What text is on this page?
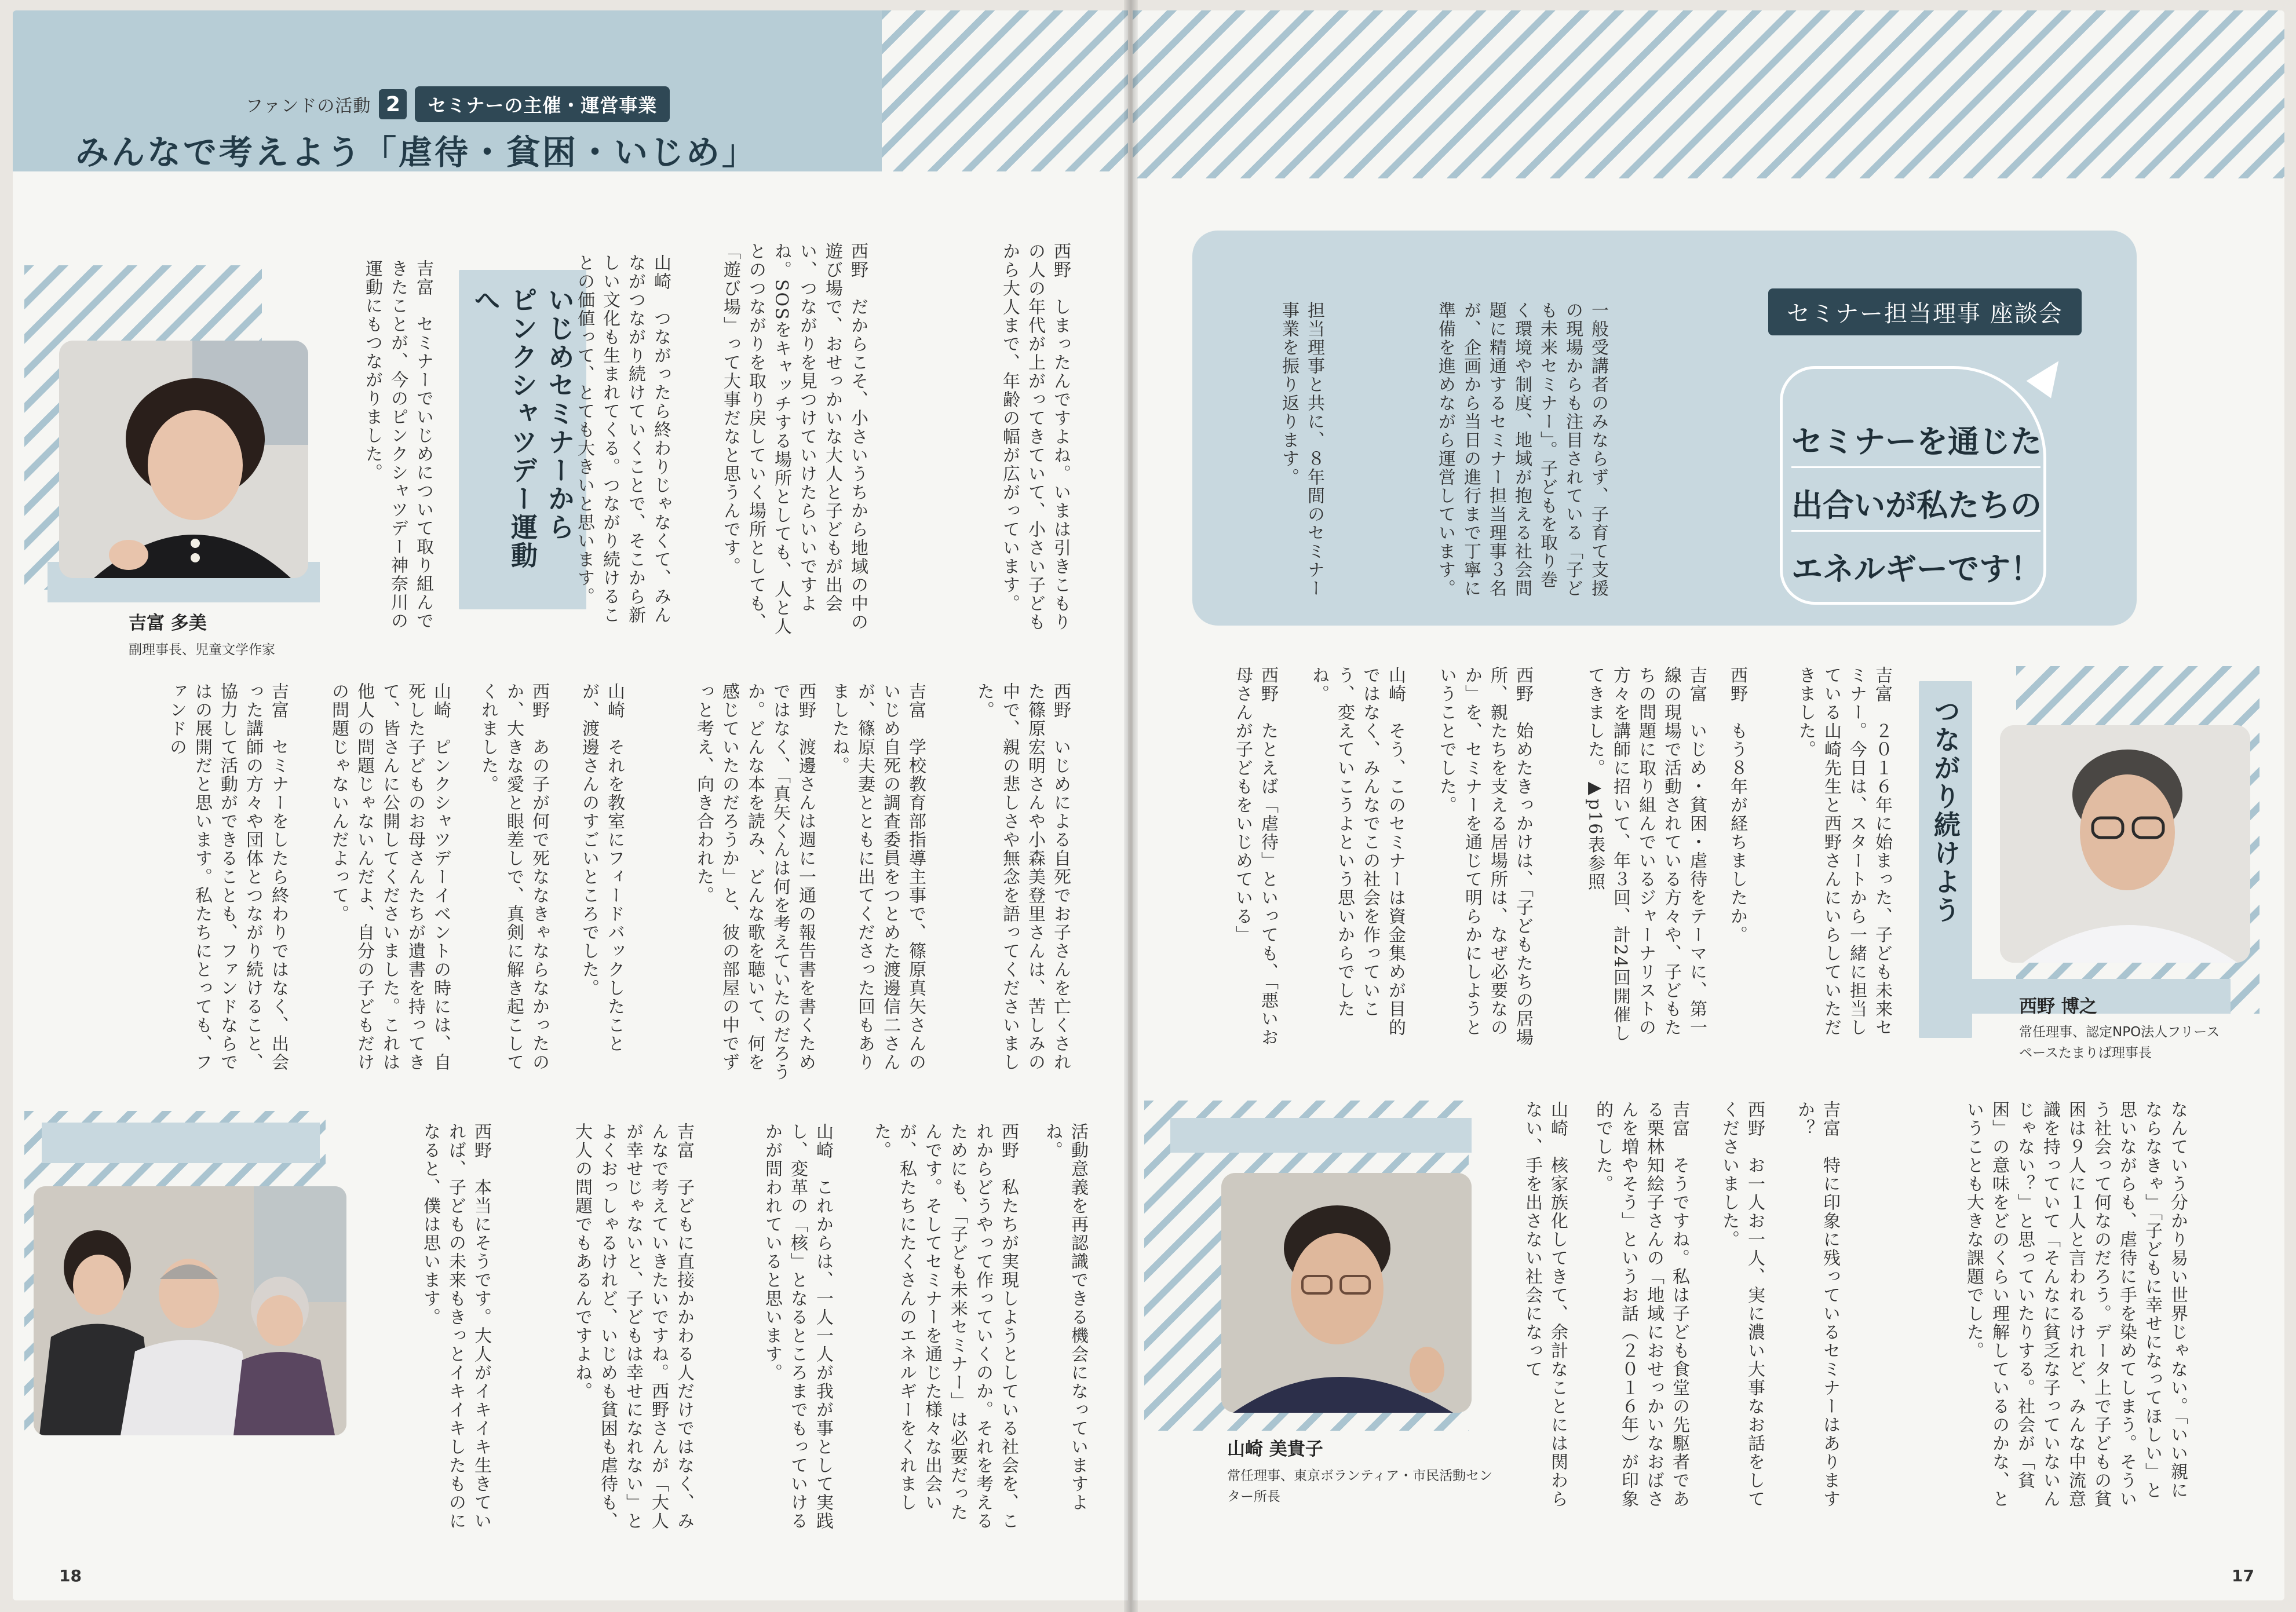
ファンドの活動 2	セミナーの主催・運営事業
みんなで考えよう「虐待・貧困・いじめ」
吉富 多美
副理事長、児童文学作家
いじめセミナーから
ピンクシャツデー運動へ
吉富　セミナーでいじめについて取り組んできたことが、今のピンクシャツデー神奈川の運動にもつながりました。	山崎　つながったら終わりじゃなくて、みんながつながり続けていくことで、そこから新しい文化も生まれてくる。つながり続けることの価値って、とても大きいと思います。	西野　だからこそ、小さいうちから地域の中の遊び場で、おせっかいな大人と子どもが出会い、つながりを見つけていけたらいいですよね。SOSをキャッチする場所としても、人と人とのつながりを取り戻していく場所としても、「遊び場」って大事だなと思うんです。	西野　しまったんですよね。いまは引きこもりの人の年代が上がってきていて、小さい子どもから大人まで、年齢の幅が広がっています。
吉富　セミナーをしたら終わりではなく、出会った講師の方々や団体とつながり続けること、協力して活動ができることも、ファンドならではの展開だと思います。私たちにとっても、ファンドの	山崎　ピンクシャツデーイベントの時には、自死した子どものお母さんたちが遺書を持ってきて、皆さんに公開してくださいました。これは他人の問題じゃないんだよ、自分の子どもだけの問題じゃないんだよって。	西野　あの子が何で死ななきゃならなかったのか、大きな愛と眼差しで、真剣に解き起こしてくれました。	山崎　それを教室にフィードバックしたことが、渡邊さんのすごいところでした。	西野　渡邊さんは週に一通の報告書を書くためではなく、「真矢くんは何を考えていたのだろうか。どんな本を読み、どんな歌を聴いて、何を感じていたのだろうか」と、彼の部屋の中でずっと考え、向き合われた。	吉富　学校教育部指導主事で、篠原真矢さんのいじめ自死の調査委員をつとめた渡邊信二さんが、篠原夫妻とともに出てくださった回もありましたね。	西野　いじめによる自死でお子さんを亡くされた篠原宏明さんや小森美登里さんは、苦しみの中で、親の悲しさや無念を語ってくださいました。
西野　本当にそうです。大人がイキイキ生きていれば、子どもの未来もきっとイキイキしたものになると、僕は思います。	吉富　子どもに直接かかわる人だけではなく、みんなで考えていきたいですね。西野さんが「大人が幸せじゃないと、子どもは幸せになれない」とよくおっしゃるけれど、いじめも貧困も虐待も、大人の問題でもあるんですよね。	山崎　これからは、一人一人が我が事として実践し、変革の「核」となるところまでもっていけるかが問われていると思います。	西野　私たちが実現しようとしている社会を、これからどうやって作っていくのか。それを考えるためにも、「子ども未来セミナー」は必要だったんです。そしてセミナーを通じた様々な出会いが、私たちにたくさんのエネルギーをくれました。	活動意義を再認識できる機会になっていますよね。
18
一般受講者のみならず、子育て支援の現場からも注目されている「子ども未来セミナー」。子どもを取り巻く環境や制度、地域が抱える社会問題に精通するセミナー担当理事３名が、企画から当日の進行まで丁寧に準備を進めながら運営しています。
担当理事と共に、８年間のセミナー事業を振り返ります。	セミナー担当理事 座談会
セミナーを通じた
出合いが私たちの
エネルギーです！
西野 博之
常任理事、認定NPO法人フリースペースたまりば理事長
つながり続けよう
吉富　２０１６年に始まった、子ども未来セミナー。今日は、スタートから一緒に担当している山崎先生と西野さんにいらしていただきました。
西野　もう８年が経ちましたか。
吉富　いじめ・貧困・虐待をテーマに、第一線の現場で活動されている方々や、子どもたちの問題に取り組んでいるジャーナリストの方々を講師に招いて、年３回、計24回開催してきました。▶p16表参照
西野　始めたきっかけは、「子どもたちの居場所、親たちを支える居場所は、なぜ必要なのか」を、セミナーを通じて明らかにしようということでした。
山崎　そう、このセミナーは資金集めが目的ではなく、みんなでこの社会を作っていこう、変えていこうよという思いからでしたね。
西野　たとえば「虐待」といっても、「悪いお母さんが子どもをいじめている」
山崎 美貴子
常任理事、東京ボランティア・市民活動センター所長	なんていう分かり易い世界じゃない。「いい親にならなきゃ」「子どもに幸せになってほしい」と思いながらも、虐待に手を染めてしまう。そういう社会って何なのだろう。データ上で子どもの貧困は９人に１人と言われるけれど、みんな中流意識を持っていて「そんなに貧乏な子っていないんじゃない？」と思っていたりする。社会が「貧困」の意味をどのくらい理解しているのかな、ということも大きな課題でした。
吉富　特に印象に残っているセミナーはありますか？
西野　お一人お一人、実に濃い大事なお話をしてくださいました。
吉富　そうですね。私は子ども食堂の先駆者である栗林知絵子さんの「地域におせっかいなおばさんを増やそう」というお話（２０１６年）が印象的でした。
山崎　核家族化してきて、余計なことには関わらない、手を出さない社会になって
17
